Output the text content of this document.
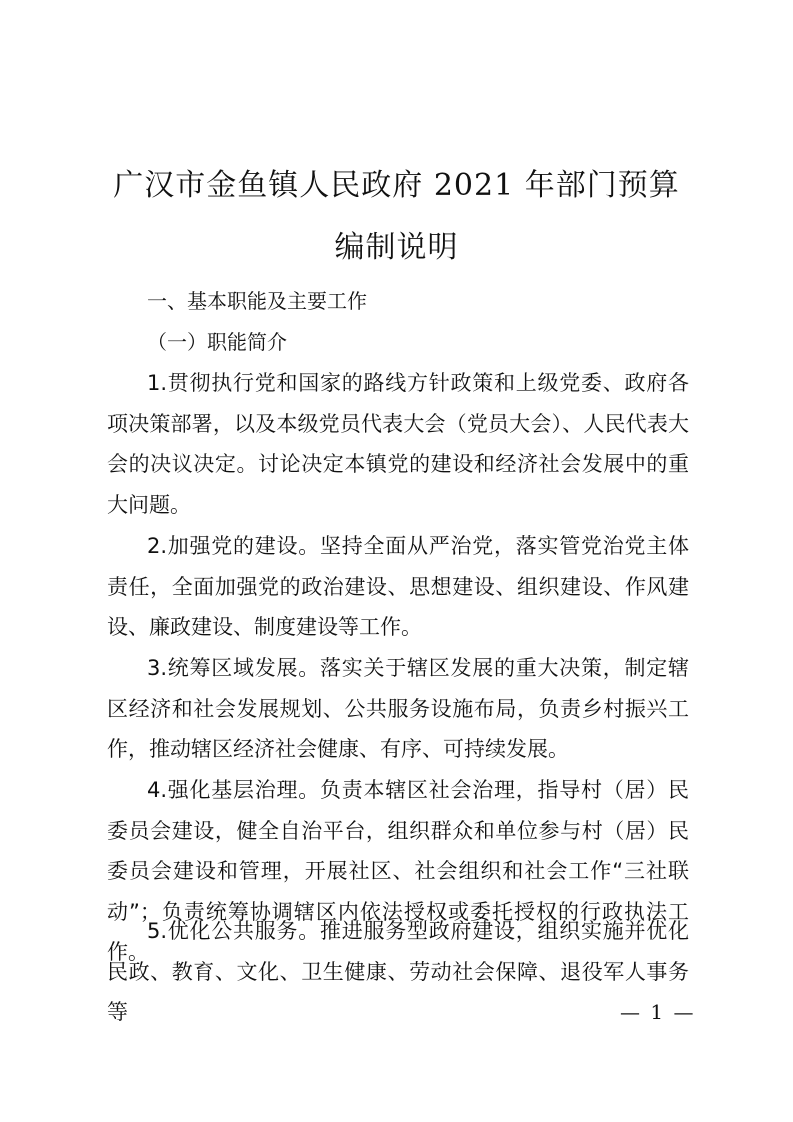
广汉市金鱼镇人民政府 2021 年部门预算
编制说明
一、基本职能及主要工作
（一）职能简介

1.贯彻执行党和国家的路线方针政策和上级党委、政府各项决策部署，以及本级党员代表大会（党员大会）、人民代表大会的决议决定。讨论决定本镇党的建设和经济社会发展中的重大问题。

2.加强党的建设。坚持全面从严治党，落实管党治党主体责任，全面加强党的政治建设、思想建设、组织建设、作风建设、廉政建设、制度建设等工作。

3.统筹区域发展。落实关于辖区发展的重大决策，制定辖区经济和社会发展规划、公共服务设施布局，负责乡村振兴工作，推动辖区经济社会健康、有序、可持续发展。

4.强化基层治理。负责本辖区社会治理，指导村（居）民委员会建设，健全自治平台，组织群众和单位参与村（居）民委员会建设和管理，开展社区、社会组织和社会工作“三社联动”；负责统筹协调辖区内依法授权或委托授权的行政执法工作。

5.优化公共服务。推进服务型政府建设，组织实施并优化民政、教育、文化、卫生健康、劳动社会保障、退役军人事务等	— 1 —
